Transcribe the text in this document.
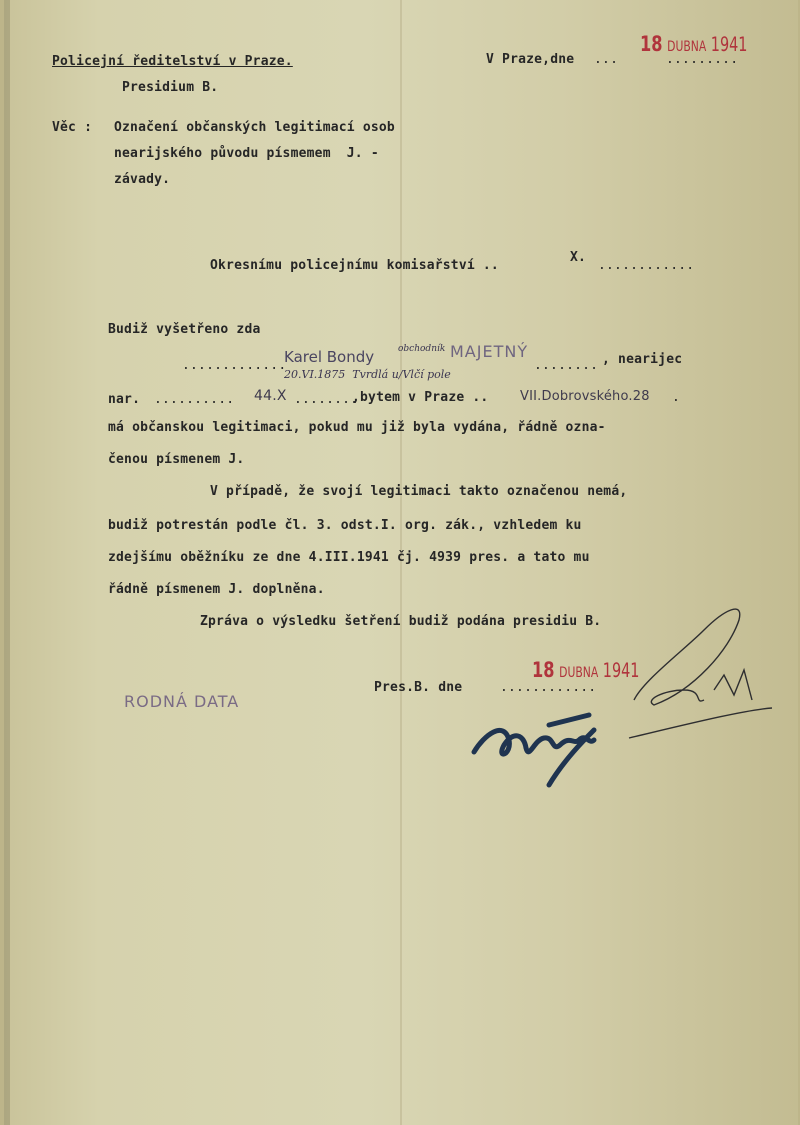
Policejní ředitelství v Praze.
Presidium B.
V Praze,dne ...	.........
18 DUBNA 1941
Věc : Označení občanských legitimací osob
nearijského původu písmemem  J. -
závady.
Okresnímu policejnímu komisařství ..
X.
............
Budiž vyšetřeno zda
.............
Karel Bondy	obchodník MAJETNÝ
........ , nearijec
20.VI.1875  Tvrdlá u/Vlčí pole
nar. .......... 44.X ........
,bytem v Praze .. VII.Dobrovského.28 .
má občanskou legitimaci, pokud mu již byla vydána, řádně ozna-
čenou písmenem J.
V případě, že svojí legitimaci takto označenou nemá,
budiž potrestán podle čl. 3. odst.I. org. zák., vzhledem ku
zdejšímu oběžníku ze dne 4.III.1941 čj. 4939 pres. a tato mu
řádně písmenem J. doplněna.
Zpráva o výsledku šetření budiž podána presidiu B.
RODNÁ DATA
Pres.B. dne	............
18 DUBNA 1941
